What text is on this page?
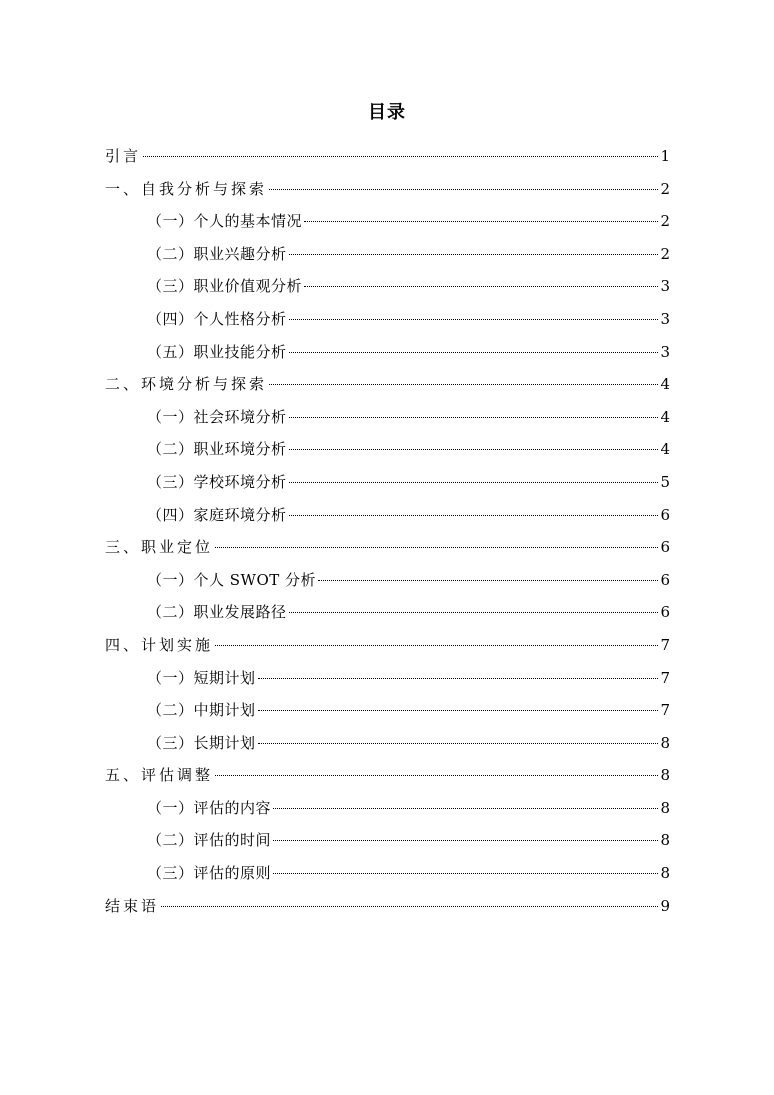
目录
引言	1
一、自我分析与探索	2
（一）个人的基本情况	2
（二）职业兴趣分析	2
（三）职业价值观分析	3
（四）个人性格分析	3
（五）职业技能分析	3
二、环境分析与探索	4
（一）社会环境分析	4
（二）职业环境分析	4
（三）学校环境分析	5
（四）家庭环境分析	6
三、职业定位	6
（一）个人 SWOT 分析	6
（二）职业发展路径	6
四、计划实施	7
（一）短期计划	7
（二）中期计划	7
（三）长期计划	8
五、评估调整	8
（一）评估的内容	8
（二）评估的时间	8
（三）评估的原则	8
结束语	9
